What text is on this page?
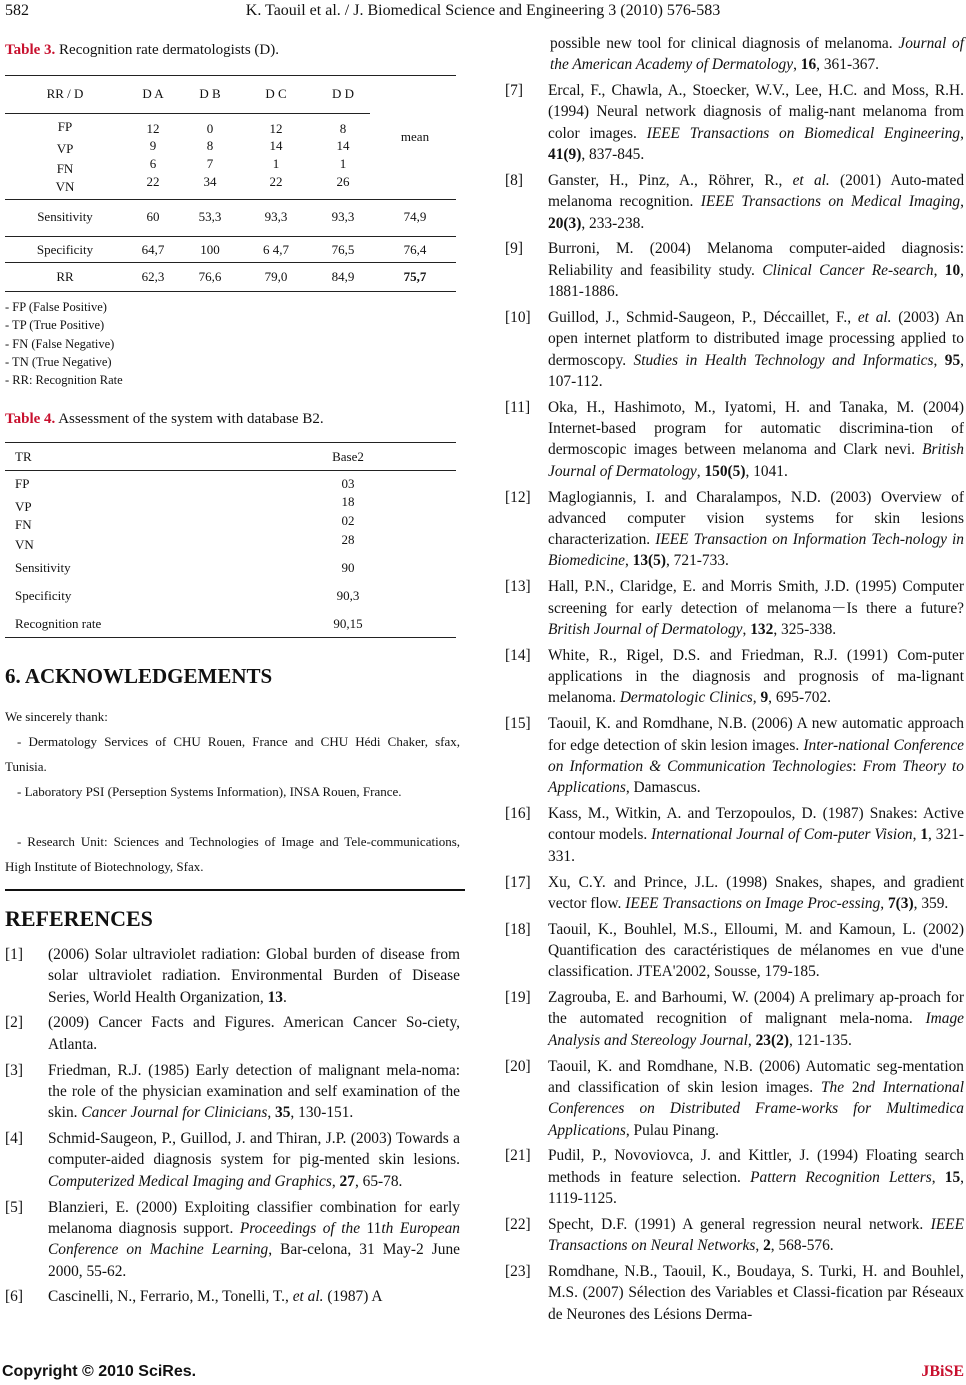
582	K. Taouil et al. / J. Biomedical Science and Engineering 3 (2010) 576-583
Table 3. Recognition rate dermatologists (D).
RR / D	D A	D B	D C	D D
mean
FP	12	0	12	8
VP	9	8	14	14
FN	6	7	1	1
VN	22	34	22	26
Sensitivity	60	53,3	93,3	93,3	74,9
Specificity	64,7	100	6 4,7	76,5	76,4
RR	62,3	76,6	79,0	84,9	75,7
- FP (False Positive)
- TP (True Positive)
- FN (False Negative)
- TN (True Negative)
- RR: Recognition Rate
Table 4. Assessment of the system with database B2.
TR	Base2
FP	03
VP	18
FN	02
VN	28
Sensitivity	90
Specificity	90,3
Recognition rate	90,15
6. ACKNOWLEDGEMENTS
We sincerely thank:
- Dermatology Services of CHU Rouen, France and CHU Hédi Chaker, sfax, Tunisia.
- Laboratory PSI (Perseption Systems Information), INSA Rouen, France.
- Research Unit: Sciences and Technologies of Image and Tele-communications, High Institute of Biotechnology, Sfax.
REFERENCES
[1] (2006) Solar ultraviolet radiation: Global burden of disease from solar ultraviolet radiation. Environmental Burden of Disease Series, World Health Organization, 13.
[2] (2009) Cancer Facts and Figures. American Cancer So-ciety, Atlanta.
[3] Friedman, R.J. (1985) Early detection of malignant mela-noma: the role of the physician examination and self examination of the skin. Cancer Journal for Clinicians, 35, 130-151.
[4] Schmid-Saugeon, P., Guillod, J. and Thiran, J.P. (2003) Towards a computer-aided diagnosis system for pig-mented skin lesions. Computerized Medical Imaging and Graphics, 27, 65-78.
[5] Blanzieri, E. (2000) Exploiting classifier combination for early melanoma diagnosis support. Proceedings of the 11th European Conference on Machine Learning, Bar-celona, 31 May-2 June 2000, 55-62.
[6] Cascinelli, N., Ferrario, M., Tonelli, T., et al. (1987) A
possible new tool for clinical diagnosis of melanoma. Journal of the American Academy of Dermatology, 16, 361-367.
[7] Ercal, F., Chawla, A., Stoecker, W.V., Lee, H.C. and Moss, R.H. (1994) Neural network diagnosis of malig-nant melanoma from color images. IEEE Transactions on Biomedical Engineering, 41(9), 837-845.
[8] Ganster, H., Pinz, A., Röhrer, R., et al. (2001) Auto-mated melanoma recognition. IEEE Transactions on Medical Imaging, 20(3), 233-238.
[9] Burroni, M. (2004) Melanoma computer-aided diagnosis: Reliability and feasibility study. Clinical Cancer Re-search, 10, 1881-1886.
[10] Guillod, J., Schmid-Saugeon, P., Déccaillet, F., et al. (2003) An open internet platform to distributed image processing applied to dermoscopy. Studies in Health Technology and Informatics, 95, 107-112.
[11] Oka, H., Hashimoto, M., Iyatomi, H. and Tanaka, M. (2004) Internet-based program for automatic discrimina-tion of dermoscopic images between melanoma and Clark nevi. British Journal of Dermatology, 150(5), 1041.
[12] Maglogiannis, I. and Charalampos, N.D. (2003) Overview of advanced computer vision systems for skin lesions characterization. IEEE Transaction on Information Tech-nology in Biomedicine, 13(5), 721-733.
[13] Hall, P.N., Claridge, E. and Morris Smith, J.D. (1995) Computer screening for early detection of melanoma－Is there a future? British Journal of Dermatology, 132, 325-338.
[14] White, R., Rigel, D.S. and Friedman, R.J. (1991) Com-puter applications in the diagnosis and prognosis of ma-lignant melanoma. Dermatologic Clinics, 9, 695-702.
[15] Taouil, K. and Romdhane, N.B. (2006) A new automatic approach for edge detection of skin lesion images. Inter-national Conference on Information & Communication Technologies: From Theory to Applications, Damascus.
[16] Kass, M., Witkin, A. and Terzopoulos, D. (1987) Snakes: Active contour models. International Journal of Com-puter Vision, 1, 321-331.
[17] Xu, C.Y. and Prince, J.L. (1998) Snakes, shapes, and gradient vector flow. IEEE Transactions on Image Proc-essing, 7(3), 359.
[18] Taouil, K., Bouhlel, M.S., Elloumi, M. and Kamoun, L. (2002) Quantification des caractéristiques de mélanomes en vue d'une classification. JTEA'2002, Sousse, 179-185.
[19] Zagrouba, E. and Barhoumi, W. (2004) A prelimary ap-proach for the automated recognition of malignant mela-noma. Image Analysis and Stereology Journal, 23(2), 121-135.
[20] Taouil, K. and Romdhane, N.B. (2006) Automatic seg-mentation and classification of skin lesion images. The 2nd International Conferences on Distributed Frame-works for Multimedica Applications, Pulau Pinang.
[21] Pudil, P., Novoviovca, J. and Kittler, J. (1994) Floating search methods in feature selection. Pattern Recognition Letters, 15, 1119-1125.
[22] Specht, D.F. (1991) A general regression neural network. IEEE Transactions on Neural Networks, 2, 568-576.
[23] Romdhane, N.B., Taouil, K., Boudaya, S. Turki, H. and Bouhlel, M.S. (2007) Sélection des Variables et Classi-fication par Réseaux de Neurones des Lésions Derma-
Copyright © 2010 SciRes.	JBiSE
